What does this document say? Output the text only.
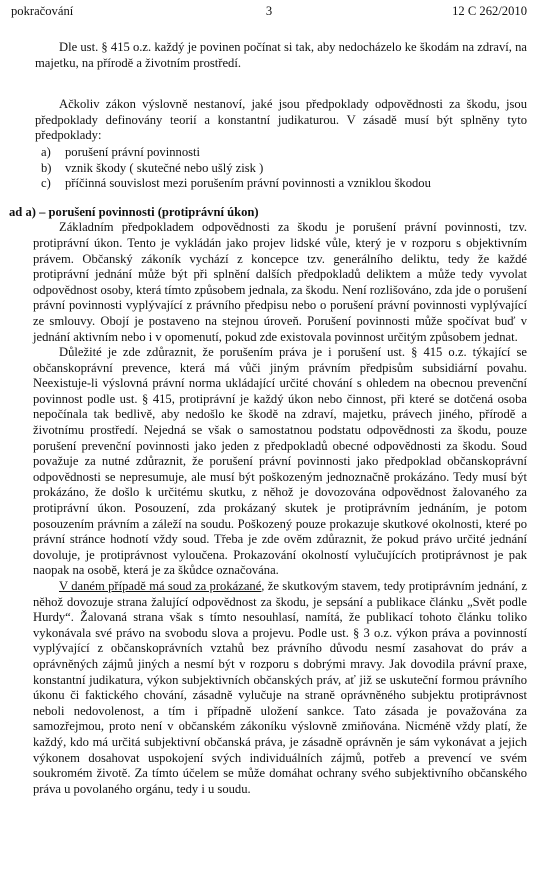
pokračování	3	12 C 262/2010

Dle ust. § 415 o.z. každý je povinen počínat si tak, aby nedocházelo ke škodám na zdraví, na majetku, na přírodě a životním prostředí.

Ačkoliv zákon výslovně nestanoví, jaké jsou předpoklady odpovědnosti za škodu, jsou předpoklady definovány teorií a konstantní judikaturou. V zásadě musí být splněny tyto předpoklady:

a) porušení právní povinnosti
b) vznik škody ( skutečné nebo ušlý zisk )
c) příčinná souvislost mezi porušením právní povinnosti a vzniklou škodou

ad a) – porušení povinnosti (protiprávní úkon)

Základním předpokladem odpovědnosti za škodu je porušení právní povinnosti, tzv. protiprávní úkon. Tento je vykládán jako projev lidské vůle, který je v rozporu s objektivním právem. Občanský zákoník vychází z koncepce tzv. generálního deliktu, tedy že každé protiprávní jednání může být při splnění dalších předpokladů deliktem a může tedy vyvolat odpovědnost osoby, která tímto způsobem jednala, za škodu. Není rozlišováno, zda jde o porušení právní povinnosti vyplývající z právního předpisu nebo o porušení právní povinnosti vyplývající ze smlouvy. Obojí je postaveno na stejnou úroveň. Porušení povinnosti může spočívat buď v jednání aktivním nebo i v opomenutí, pokud zde existovala povinnost určitým způsobem jednat.

Důležité je zde zdůraznit, že porušením práva je i porušení ust. § 415 o.z. týkající se občanskoprávní prevence, která má vůči jiným právním předpisům subsidiární povahu. Neexistuje-li výslovná právní norma ukládající určité chování s ohledem na obecnou prevenční povinnost podle ust. § 415, protiprávní je každý úkon nebo činnost, při které se dotčená osoba nepočínala tak bedlivě, aby nedošlo ke škodě na zdraví, majetku, právech jiného, přírodě a životnímu prostředí. Nejedná se však o samostatnou podstatu odpovědnosti za škodu, pouze porušení prevenční povinnosti jako jeden z předpokladů obecné odpovědnosti za škodu. Soud považuje za nutné zdůraznit, že porušení právní povinnosti jako předpoklad občanskoprávní odpovědnosti se nepresumuje, ale musí být poškozeným jednoznačně prokázáno. Tedy musí být prokázáno, že došlo k určitému skutku, z něhož je dovozována odpovědnost žalovaného za protiprávní úkon. Posouzení, zda prokázaný skutek je protiprávním jednáním, je potom posouzením právním a záleží na soudu. Poškozený pouze prokazuje skutkové okolnosti, které po právní stránce hodnotí vždy soud. Třeba je zde ověm zdůraznit, že pokud právo určité jednání dovoluje, je protiprávnost vyloučena. Prokazování okolností vylučujících protiprávnost je pak naopak na osobě, která je za škůdce označována.

V daném případě má soud za prokázané, že skutkovým stavem, tedy protiprávním jednání, z něhož dovozuje strana žalující odpovědnost za škodu, je sepsání a publikace článku „Svět podle Hurdy“. Žalovaná strana však s tímto nesouhlasí, namítá, že publikací tohoto článku toliko vykonávala své právo na svobodu slova a projevu. Podle ust. § 3 o.z. výkon práva a povinností vyplývající z občanskoprávních vztahů bez právního důvodu nesmí zasahovat do práv a oprávněných zájmů jiných a nesmí být v rozporu s dobrými mravy. Jak dovodila právní praxe, konstantní judikatura, výkon subjektivních občanských práv, ať již se uskuteční formou právního úkonu či faktického chování, zásadně vylučuje na straně oprávněného subjektu protiprávnost neboli nedovolenost, a tím i případně uložení sankce. Tato zásada je považována za samozřejmou, proto není v občanském zákoníku výslovně zmiňována. Nicméně vždy platí, že každý, kdo má určitá subjektivní občanská práva, je zásadně oprávněn je sám vykonávat a jejich výkonem dosahovat uspokojení svých individuálních zájmů, potřeb a prevencí ve svém soukromém životě. Za tímto účelem se může domáhat ochrany svého subjektivního občanského práva u povolaného orgánu, tedy i u soudu.
